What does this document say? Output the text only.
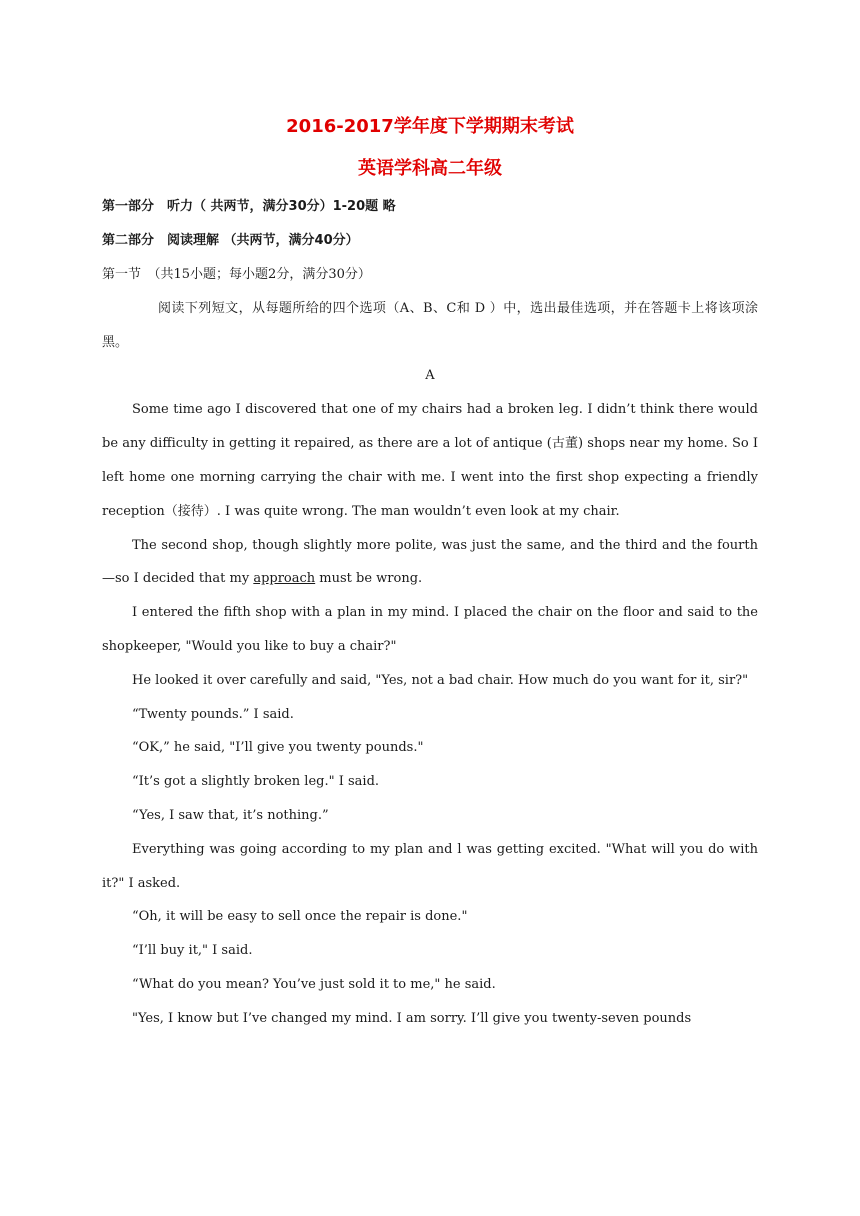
2016-2017学年度下学期期末考试

英语学科高二年级

第一部分　听力（ 共两节，满分30分）1-20题 略

第二部分　阅读理解 （共两节，满分40分）

第一节　（共15小题；每小题2分，满分30分）

阅读下列短文，从每题所给的四个选项（A、B、C和 D ）中，选出最佳选项，并在答题卡上将该项涂黑。

A

Some time ago I discovered that one of my chairs had a broken leg. I didn’t think there would be any difficulty in getting it repaired, as there are a lot of antique (古董) shops near my home. So I left home one morning carrying the chair with me. I went into the first shop expecting a friendly reception（接待）. I was quite wrong. The man wouldn’t even look at my chair.

The second shop, though slightly more polite, was just the same, and the third and the fourth —so I decided that my approach must be wrong.

I entered the fifth shop with a plan in my mind. I placed the chair on the floor and said to the shopkeeper, "Would you like to buy a chair?"

He looked it over carefully and said, "Yes, not a bad chair. How much do you want for it, sir?"

“Twenty pounds.” I said.

“OK,” he said, "I’ll give you twenty pounds."

“It’s got a slightly broken leg." I said.

“Yes, I saw that, it’s nothing.”

Everything was going according to my plan and l was getting excited. "What will you do with it?" I asked.

“Oh, it will be easy to sell once the repair is done."

“I’ll buy it," I said.

“What do you mean? You’ve just sold it to me," he said.

"Yes, I know but I’ve changed my mind. I am sorry. I’ll give you twenty-seven pounds
